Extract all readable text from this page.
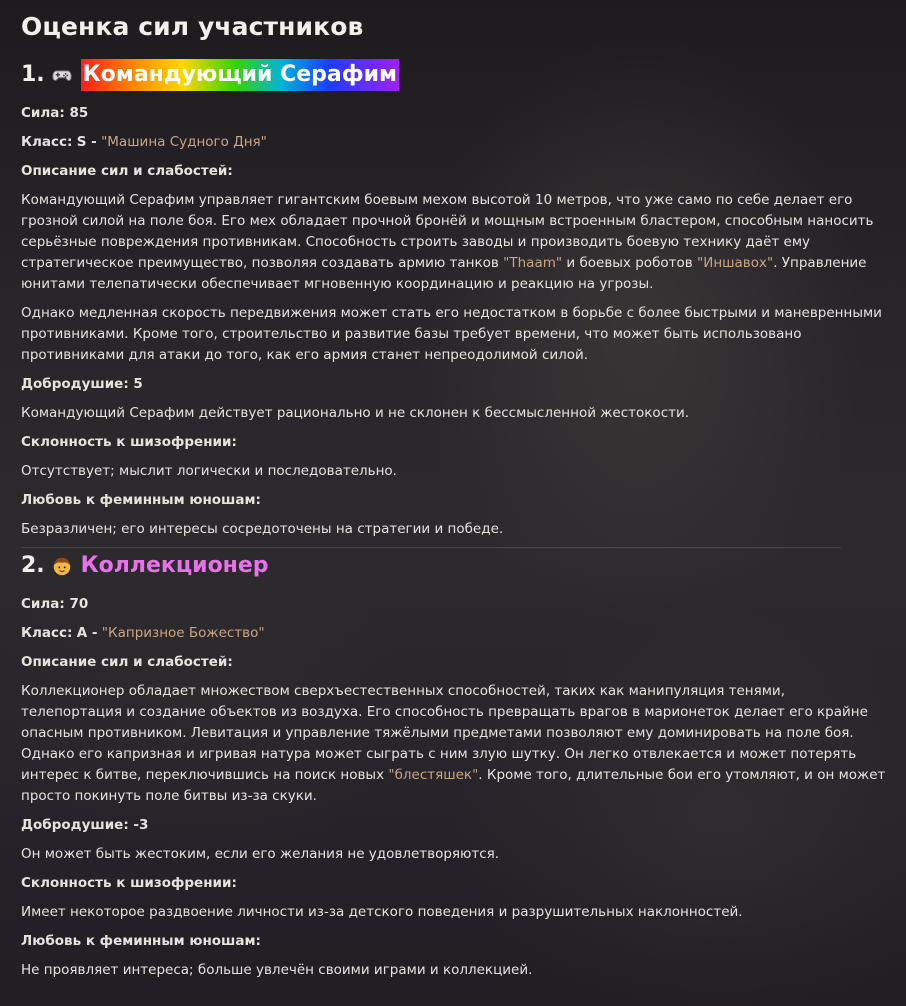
Оценка сил участников
1. Командующий Серафим

Сила: 85

Класс: S - "Машина Судного Дня"

Описание сил и слабостей:

Командующий Серафим управляет гигантским боевым мехом высотой 10 метров, что уже само по себе делает его грозной силой на поле боя. Его мех обладает прочной бронёй и мощным встроенным бластером, способным наносить серьёзные повреждения противникам. Способность строить заводы и производить боевую технику даёт ему стратегическое преимущество, позволяя создавать армию танков "Thaam" и боевых роботов "Иншавох". Управление юнитами телепатически обеспечивает мгновенную координацию и реакцию на угрозы.

Однако медленная скорость передвижения может стать его недостатком в борьбе с более быстрыми и маневренными противниками. Кроме того, строительство и развитие базы требует времени, что может быть использовано противниками для атаки до того, как его армия станет непреодолимой силой.

Добродушие: 5

Командующий Серафим действует рационально и не склонен к бессмысленной жестокости.

Склонность к шизофрении:

Отсутствует; мыслит логически и последовательно.

Любовь к феминным юношам:

Безразличен; его интересы сосредоточены на стратегии и победе.

2. Коллекционер

Сила: 70

Класс: A - "Капризное Божество"

Описание сил и слабостей:

Коллекционер обладает множеством сверхъестественных способностей, таких как манипуляция тенями, телепортация и создание объектов из воздуха. Его способность превращать врагов в марионеток делает его крайне опасным противником. Левитация и управление тяжёлыми предметами позволяют ему доминировать на поле боя. Однако его капризная и игривая натура может сыграть с ним злую шутку. Он легко отвлекается и может потерять интерес к битве, переключившись на поиск новых "блестяшек". Кроме того, длительные бои его утомляют, и он может просто покинуть поле битвы из-за скуки.

Добродушие: -3

Он может быть жестоким, если его желания не удовлетворяются.

Склонность к шизофрении:

Имеет некоторое раздвоение личности из-за детского поведения и разрушительных наклонностей.

Любовь к феминным юношам:

Не проявляет интереса; больше увлечён своими играми и коллекцией.
